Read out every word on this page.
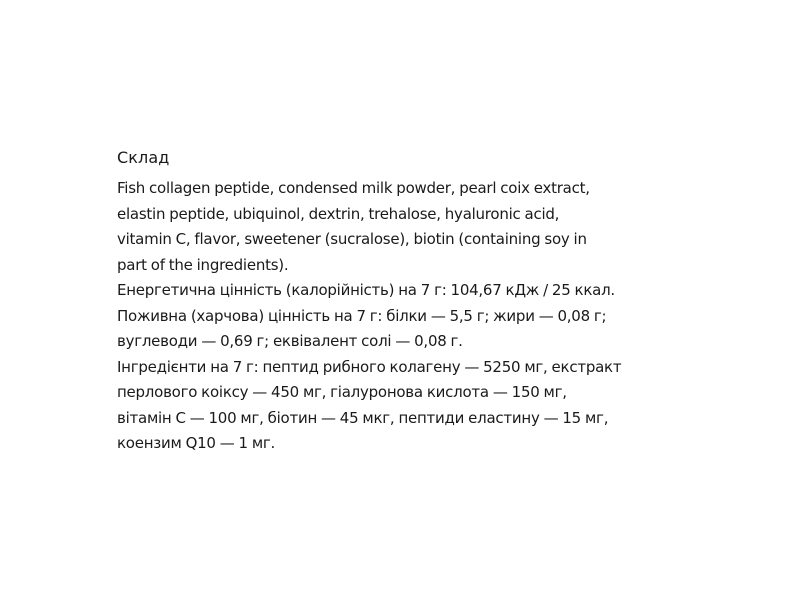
Склад
Fish collagen peptide, condensed milk powder, pearl coix extract,
elastin peptide, ubiquinol, dextrin, trehalose, hyaluronic acid,
vitamin C, flavor, sweetener (sucralose), biotin (containing soy in
part of the ingredients).
Енергетична цінність (калорійність) на 7 г: 104,67 кДж / 25 ккал.
Поживна (харчова) цінність на 7 г: білки — 5,5 г; жири — 0,08 г;
вуглеводи — 0,69 г; еквівалент солі — 0,08 г.
Інгредієнти на 7 г: пептид рибного колагену — 5250 мг, екстракт
перлового коіксу — 450 мг, гіалуронова кислота — 150 мг,
вітамін С — 100 мг, біотин — 45 мкг, пептиди еластину — 15 мг,
коензим Q10 — 1 мг.
